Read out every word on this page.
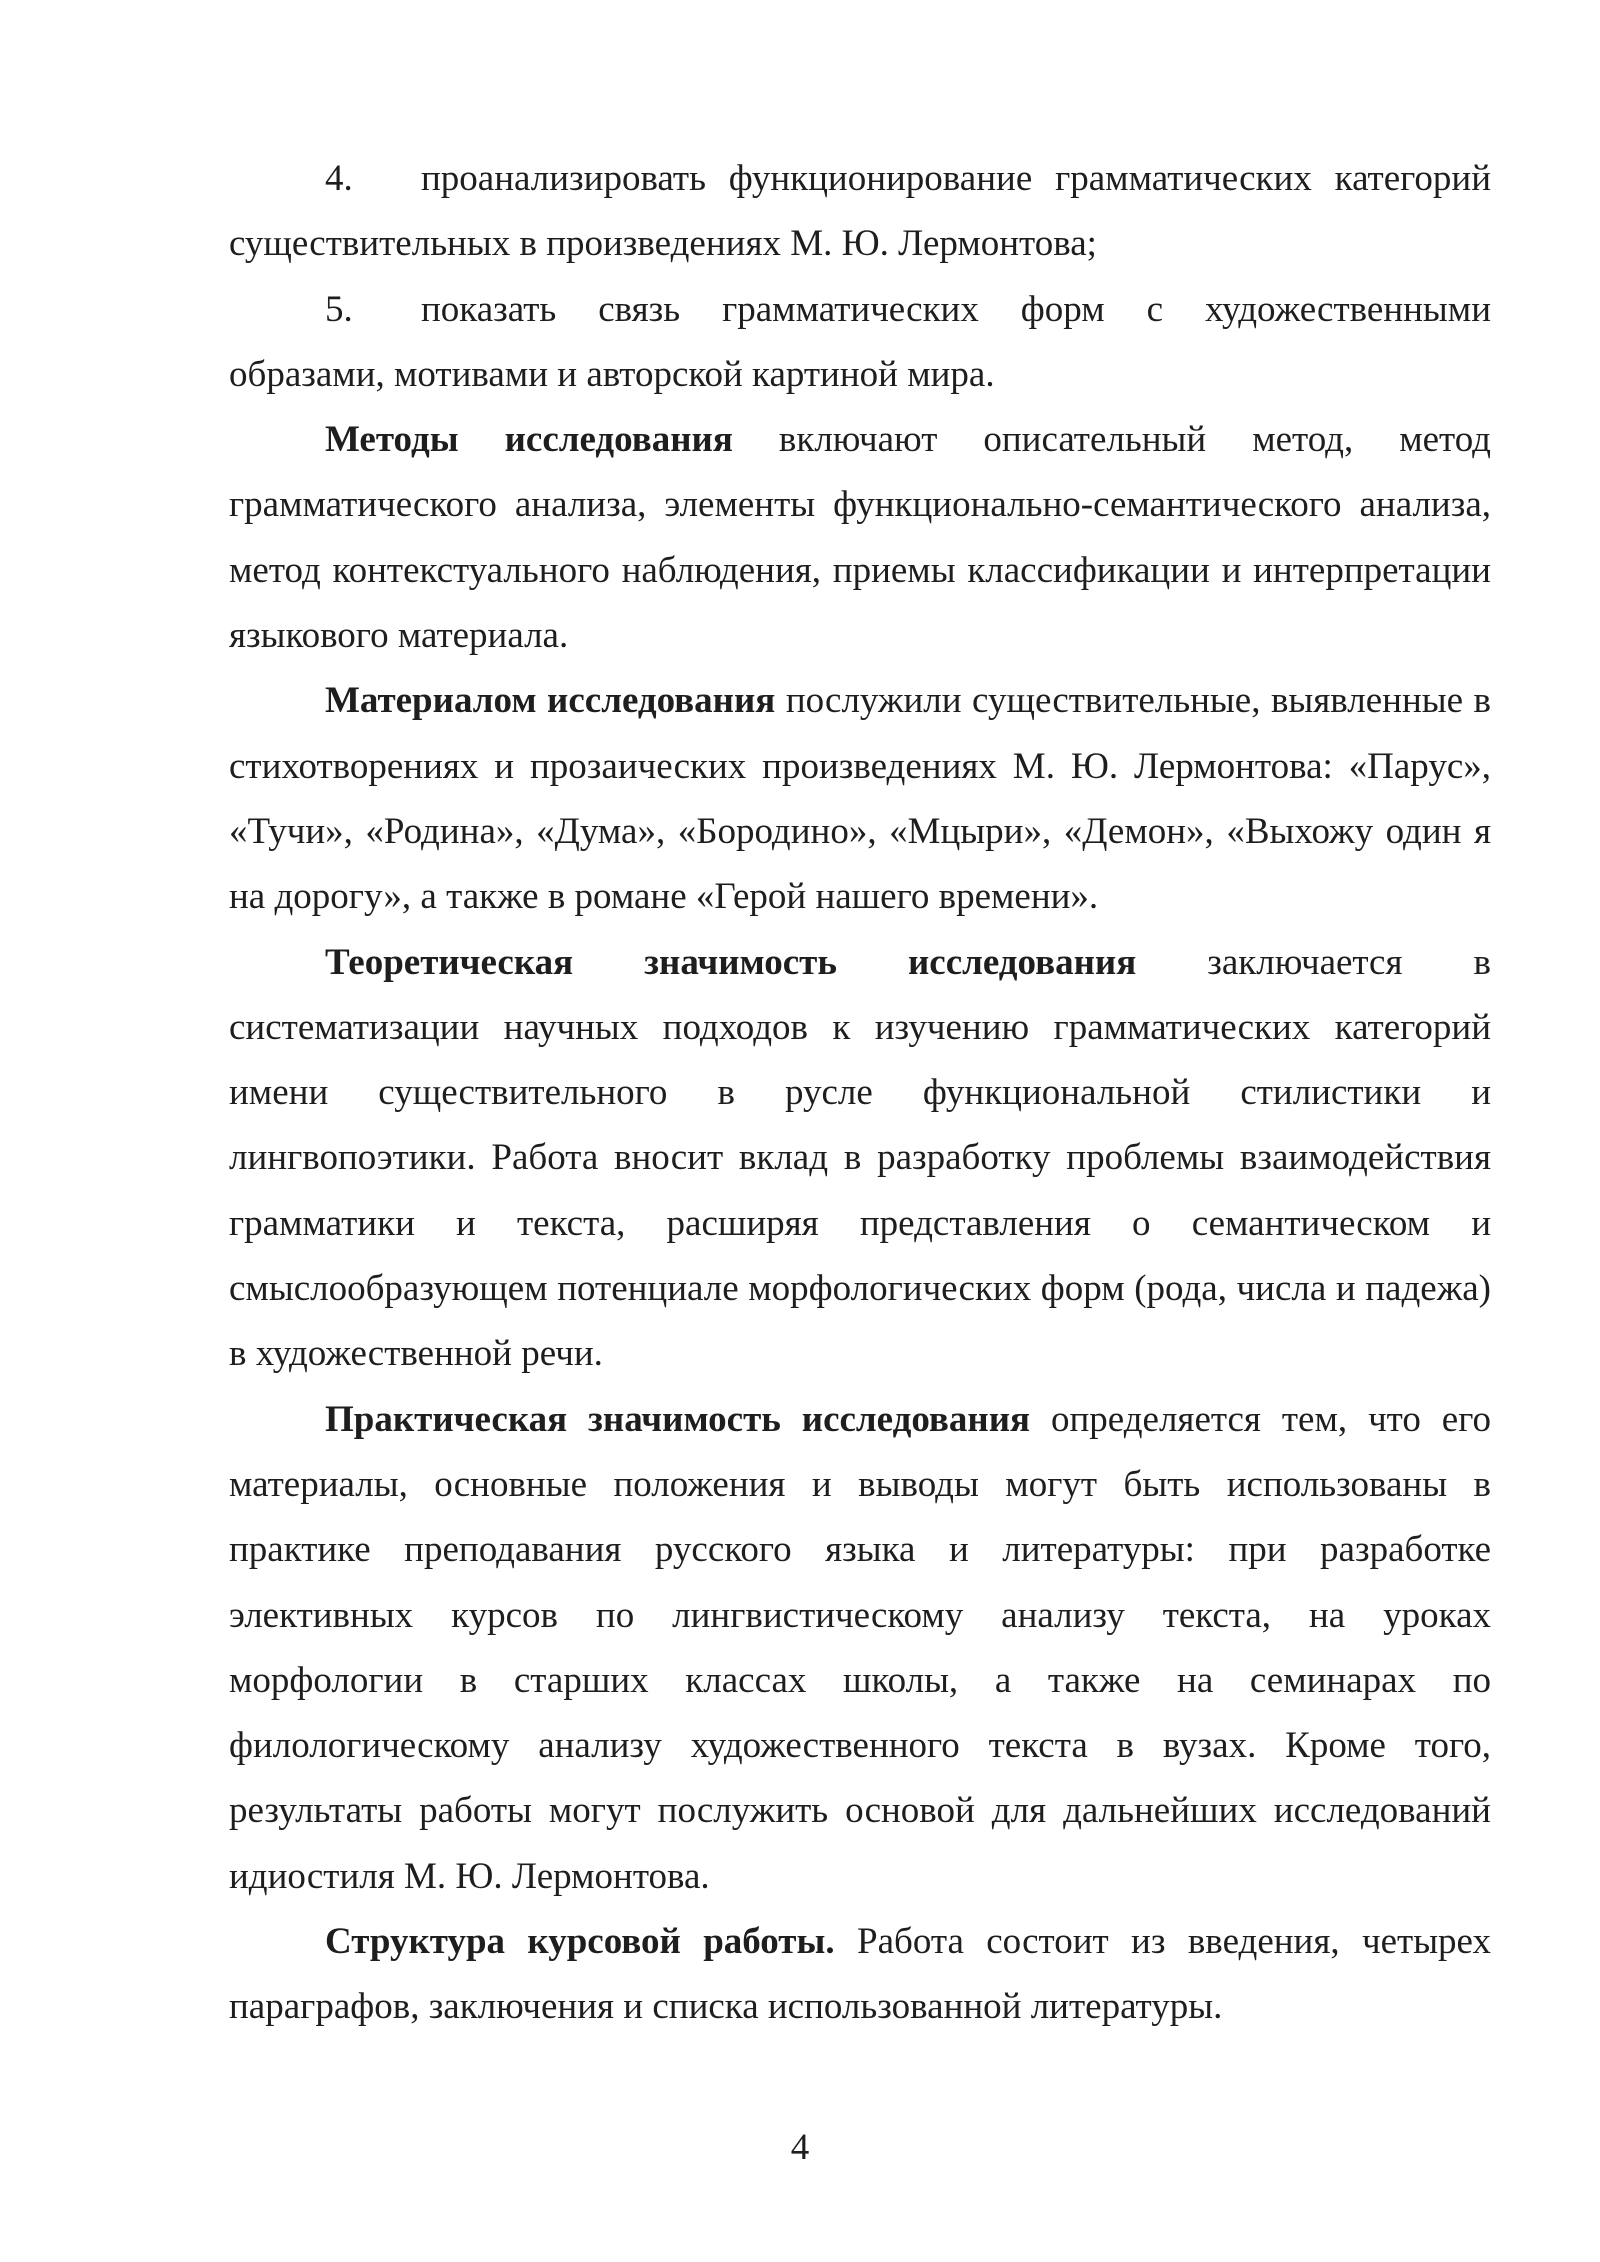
4. проанализировать функционирование грамматических категорий существительных в произведениях М. Ю. Лермонтова;

5. показать связь грамматических форм с художественными образами, мотивами и авторской картиной мира.

Методы исследования включают описательный метод, метод грамматического анализа, элементы функционально-семантического анализа, метод контекстуального наблюдения, приемы классификации и интерпретации языкового материала.

Материалом исследования послужили существительные, выявленные в стихотворениях и прозаических произведениях М. Ю. Лермонтова: «Парус», «Тучи», «Родина», «Дума», «Бородино», «Мцыри», «Демон», «Выхожу один я на дорогу», а также в романе «Герой нашего времени».

Теоретическая значимость исследования заключается в систематизации научных подходов к изучению грамматических категорий имени существительного в русле функциональной стилистики и лингвопоэтики. Работа вносит вклад в разработку проблемы взаимодействия грамматики и текста, расширяя представления о семантическом и смыслообразующем потенциале морфологических форм (рода, числа и падежа) в художественной речи.

Практическая значимость исследования определяется тем, что его материалы, основные положения и выводы могут быть использованы в практике преподавания русского языка и литературы: при разработке элективных курсов по лингвистическому анализу текста, на уроках морфологии в старших классах школы, а также на семинарах по филологическому анализу художественного текста в вузах. Кроме того, результаты работы могут послужить основой для дальнейших исследований идиостиля М. Ю. Лермонтова.

Структура курсовой работы. Работа состоит из введения, четырех параграфов, заключения и списка использованной литературы.

4
